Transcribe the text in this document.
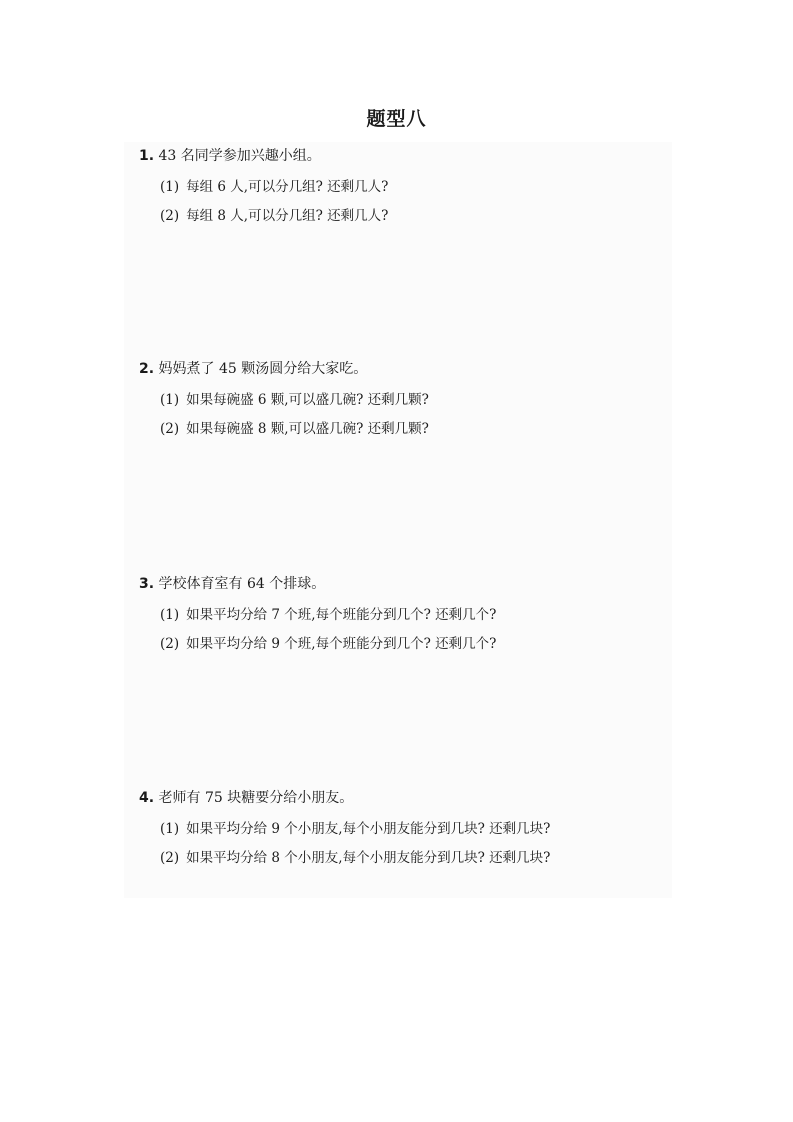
题型八
1. 43 名同学参加兴趣小组。
(1) 每组 6 人,可以分几组? 还剩几人?
(2) 每组 8 人,可以分几组? 还剩几人?
2. 妈妈煮了 45 颗汤圆分给大家吃。
(1) 如果每碗盛 6 颗,可以盛几碗? 还剩几颗?
(2) 如果每碗盛 8 颗,可以盛几碗? 还剩几颗?
3. 学校体育室有 64 个排球。
(1) 如果平均分给 7 个班,每个班能分到几个? 还剩几个?
(2) 如果平均分给 9 个班,每个班能分到几个? 还剩几个?
4. 老师有 75 块糖要分给小朋友。
(1) 如果平均分给 9 个小朋友,每个小朋友能分到几块? 还剩几块?
(2) 如果平均分给 8 个小朋友,每个小朋友能分到几块? 还剩几块?
